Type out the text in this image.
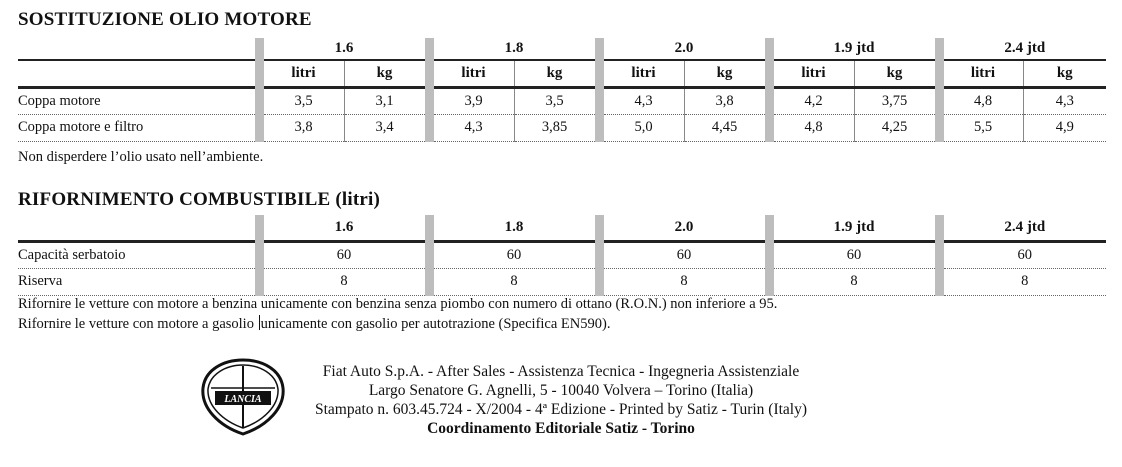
SOSTITUZIONE OLIO MOTORE
	1.6		1.8		2.0		1.9 jtd		2.4 jtd	
	litri	kg	litri	kg	litri	kg	litri	kg	litri	kg
Coppa motore	3,5	3,1	3,9	3,5	4,3	3,8	4,2	3,75	4,8	4,3
Coppa motore e filtro	3,8	3,4	4,3	3,85	5,0	4,45	4,8	4,25	5,5	4,9
Non disperdere l’olio usato nell’ambiente.
RIFORNIMENTO COMBUSTIBILE (litri)
	1.6	1.8	2.0	1.9 jtd	2.4 jtd
Capacità serbatoio	60	60	60	60	60
Riserva	8	8	8	8	8
Rifornire le vetture con motore a benzina unicamente con benzina senza piombo con numero di ottano (R.O.N.) non inferiore a 95.
Rifornire le vetture con motore a gasolio unicamente con gasolio per autotrazione (Specifica EN590).
LANCIA
Fiat Auto S.p.A. - After Sales - Assistenza Tecnica - Ingegneria Assistenziale
Largo Senatore G. Agnelli, 5 - 10040 Volvera – Torino (Italia)
Stampato n. 603.45.724 - X/2004 - 4ª Edizione - Printed by Satiz - Turin (Italy)
Coordinamento Editoriale Satiz - Torino
